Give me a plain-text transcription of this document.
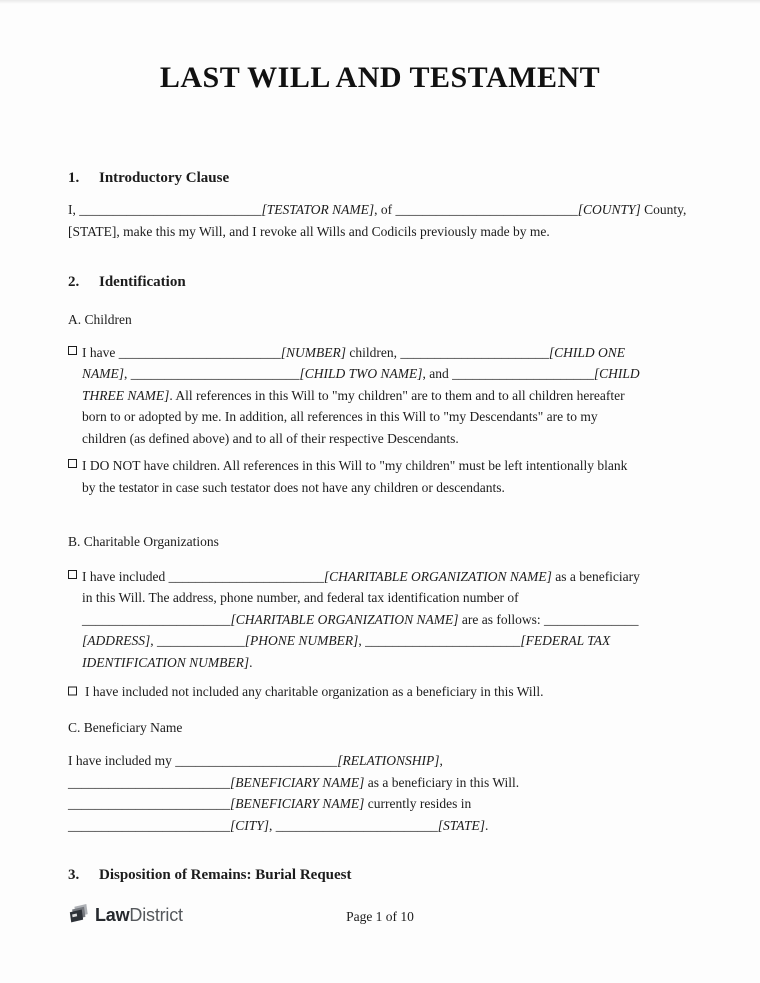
LAST WILL AND TESTAMENT
1. Introductory Clause
I, ___________________________[TESTATOR NAME], of ___________________________[COUNTY] County,
[STATE], make this my Will, and I revoke all Wills and Codicils previously made by me.
2. Identification
A. Children
I have ________________________[NUMBER] children, ______________________[CHILD ONE
NAME], _________________________[CHILD TWO NAME], and _____________________[CHILD
THREE NAME]. All references in this Will to "my children" are to them and to all children hereafter
born to or adopted by me. In addition, all references in this Will to "my Descendants" are to my
children (as defined above) and to all of their respective Descendants.
I DO NOT have children. All references in this Will to "my children" must be left intentionally blank
by the testator in case such testator does not have any children or descendants.
B. Charitable Organizations
I have included _______________________[CHARITABLE ORGANIZATION NAME] as a beneficiary
in this Will. The address, phone number, and federal tax identification number of
______________________[CHARITABLE ORGANIZATION NAME] are as follows: ______________
[ADDRESS], _____________[PHONE NUMBER], _______________________[FEDERAL TAX
IDENTIFICATION NUMBER].
I have included not included any charitable organization as a beneficiary in this Will.
C. Beneficiary Name
I have included my ________________________[RELATIONSHIP],
________________________[BENEFICIARY NAME] as a beneficiary in this Will.
________________________[BENEFICIARY NAME] currently resides in
________________________[CITY], ________________________[STATE].
3. Disposition of Remains: Burial Request
LawDistrict	Page 1 of 10
